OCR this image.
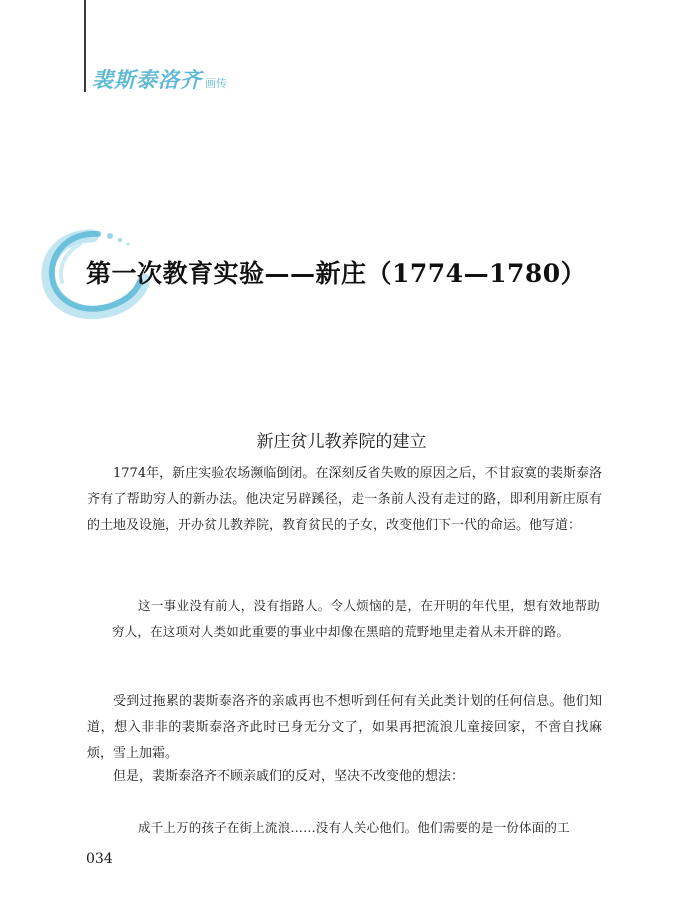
裴斯泰洛齐 画传
第一次教育实验——新庄（1774—1780）
新庄贫儿教养院的建立

1774年，新庄实验农场濒临倒闭。在深刻反省失败的原因之后，不甘寂寞的裴斯泰洛齐有了帮助穷人的新办法。他决定另辟蹊径，走一条前人没有走过的路，即利用新庄原有的土地及设施，开办贫儿教养院，教育贫民的子女，改变他们下一代的命运。他写道：

这一事业没有前人，没有指路人。令人烦恼的是，在开明的年代里，想有效地帮助穷人，在这项对人类如此重要的事业中却像在黑暗的荒野地里走着从未开辟的路。

受到过拖累的裴斯泰洛齐的亲戚再也不想听到任何有关此类计划的任何信息。他们知道，想入非非的裴斯泰洛齐此时已身无分文了，如果再把流浪儿童接回家，不啻自找麻烦，雪上加霜。

但是，裴斯泰洛齐不顾亲戚们的反对，坚决不改变他的想法：

成千上万的孩子在街上流浪……没有人关心他们。他们需要的是一份体面的工

034
